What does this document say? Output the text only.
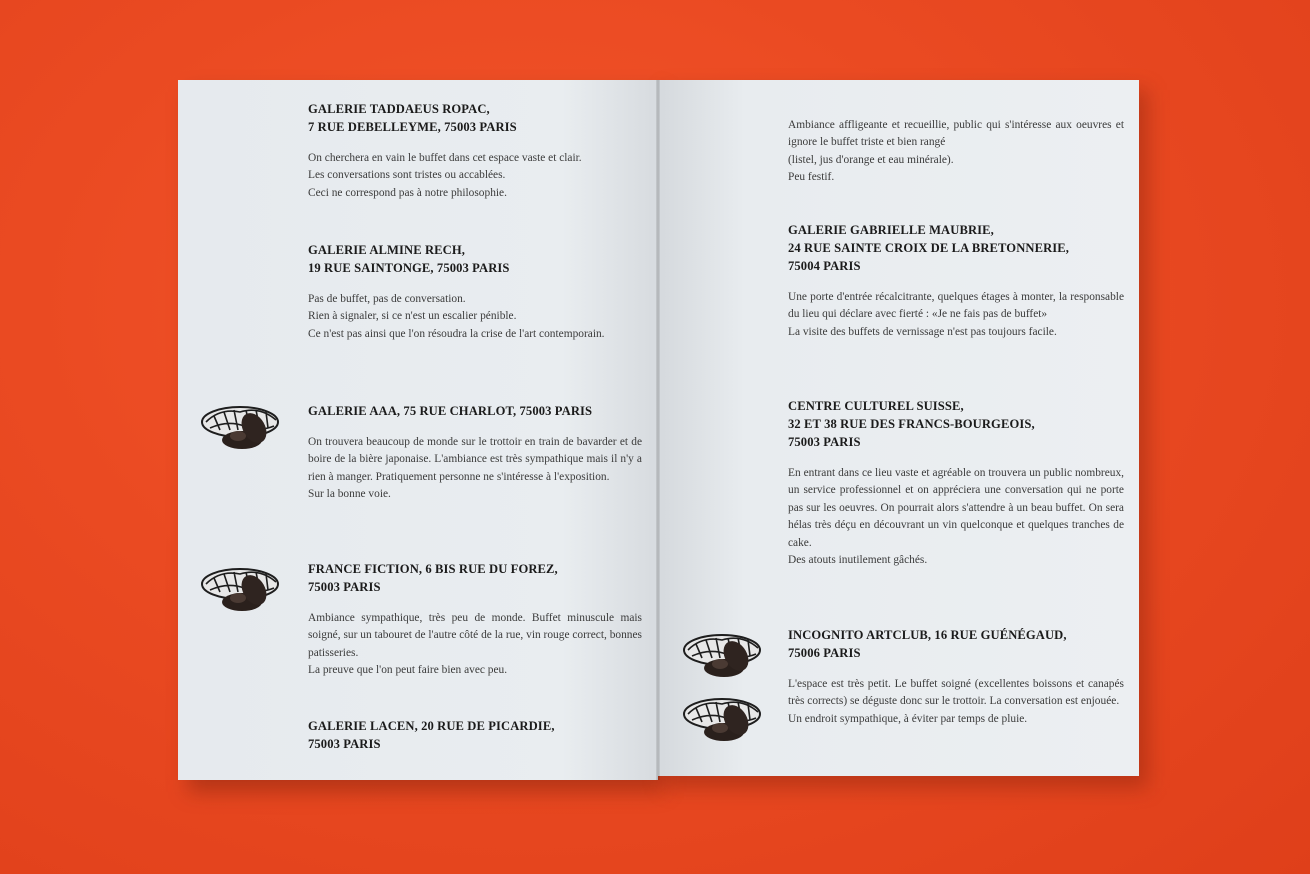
GALERIE TADDAEUS ROPAC,
7 RUE DEBELLEYME, 75003 PARIS

On cherchera en vain le buffet dans cet espace vaste et clair.
Les conversations sont tristes ou accablées.
Ceci ne correspond pas à notre philosophie.

GALERIE ALMINE RECH,
19 RUE SAINTONGE, 75003 PARIS

Pas de buffet, pas de conversation.
Rien à signaler, si ce n'est un escalier pénible.
Ce n'est pas ainsi que l'on résoudra la crise de l'art contemporain.

GALERIE AAA, 75 RUE CHARLOT, 75003 PARIS

On trouvera beaucoup de monde sur le trottoir en train de bavarder et de boire de la bière japonaise. L'ambiance est très sympathique mais il n'y a rien à manger. Pratiquement personne ne s'intéresse à l'exposition.
Sur la bonne voie.

FRANCE FICTION, 6 BIS RUE DU FOREZ,
75003 PARIS

Ambiance sympathique, très peu de monde. Buffet minuscule mais soigné, sur un tabouret de l'autre côté de la rue, vin rouge correct, bonnes patisseries.
La preuve que l'on peut faire bien avec peu.

GALERIE LACEN, 20 RUE DE PICARDIE,
75003 PARIS

Ambiance affligeante et recueillie, public qui s'intéresse aux oeuvres et ignore le buffet triste et bien rangé
(listel, jus d'orange et eau minérale).
Peu festif.

GALERIE GABRIELLE MAUBRIE,
24 RUE SAINTE CROIX DE LA BRETONNERIE,
75004 PARIS

Une porte d'entrée récalcitrante, quelques étages à monter, la responsable du lieu qui déclare avec fierté : «Je ne fais pas de buffet»
La visite des buffets de vernissage n'est pas toujours facile.

CENTRE CULTUREL SUISSE,
32 ET 38 RUE DES FRANCS-BOURGEOIS,
75003 PARIS

En entrant dans ce lieu vaste et agréable on trouvera un public nombreux, un service professionnel et on appréciera une conversation qui ne porte pas sur les oeuvres. On pourrait alors s'attendre à un beau buffet. On sera hélas très déçu en découvrant un vin quelconque et quelques tranches de cake.
Des atouts inutilement gâchés.

INCOGNITO ARTCLUB, 16 RUE GUÉNÉGAUD,
75006 PARIS

L'espace est très petit. Le buffet soigné (excellentes boissons et canapés très corrects) se déguste donc sur le trottoir. La conversation est enjouée.
Un endroit sympathique, à éviter par temps de pluie.
